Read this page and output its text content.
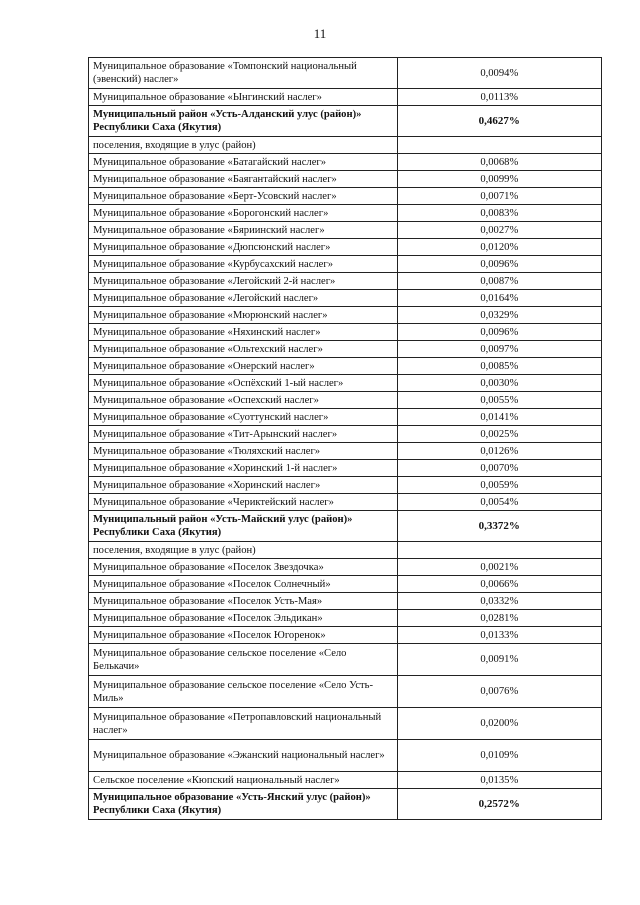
11
Муниципальное образование «Томпонский национальный (эвенский) наслег»	0,0094%
Муниципальное образование «Ынгинский наслег»	0,0113%
Муниципальный район «Усть-Алданский улус (район)» Республики Саха (Якутия)	0,4627%
поселения, входящие в улус (район)	
Муниципальное образование «Батагайский наслег»	0,0068%
Муниципальное образование «Баягантайский наслег»	0,0099%
Муниципальное образование «Берт-Усовский наслег»	0,0071%
Муниципальное образование «Борогонский наслег»	0,0083%
Муниципальное образование «Бяриинский наслег»	0,0027%
Муниципальное образование «Дюпсюнский наслег»	0,0120%
Муниципальное образование «Курбусахский наслег»	0,0096%
Муниципальное образование «Легойский 2-й наслег»	0,0087%
Муниципальное образование «Легойский наслег»	0,0164%
Муниципальное образование «Мюрюнский наслег»	0,0329%
Муниципальное образование «Няхинский наслег»	0,0096%
Муниципальное образование «Ольтехский наслег»	0,0097%
Муниципальное образование «Онерский наслег»	0,0085%
Муниципальное образование «Оспёхский 1-ый наслег»	0,0030%
Муниципальное образование «Оспехский наслег»	0,0055%
Муниципальное образование «Суоттунский наслег»	0,0141%
Муниципальное образование «Тит-Арынский наслег»	0,0025%
Муниципальное образование «Тюляхский наслег»	0,0126%
Муниципальное образование «Хоринский 1-й наслег»	0,0070%
Муниципальное образование «Хоринский наслег»	0,0059%
Муниципальное образование «Чериктейский наслег»	0,0054%
Муниципальный район «Усть-Майский улус (район)» Республики Саха (Якутия)	0,3372%
поселения, входящие в улус (район)	
Муниципальное образование «Поселок Звездочка»	0,0021%
Муниципальное образование «Поселок Солнечный»	0,0066%
Муниципальное образование «Поселок Усть-Мая»	0,0332%
Муниципальное образование «Поселок Эльдикан»	0,0281%
Муниципальное образование «Поселок Югоренок»	0,0133%
Муниципальное образование сельское поселение «Село Белькачи»	0,0091%
Муниципальное образование сельское поселение «Село Усть-Миль»	0,0076%
Муниципальное образование «Петропавловский национальный наслег»	0,0200%
Муниципальное образование «Эжанский национальный наслег»	0,0109%
Сельское поселение «Кюпский национальный наслег»	0,0135%
Муниципальное образование «Усть-Янский улус (район)» Республики Саха (Якутия)	0,2572%
